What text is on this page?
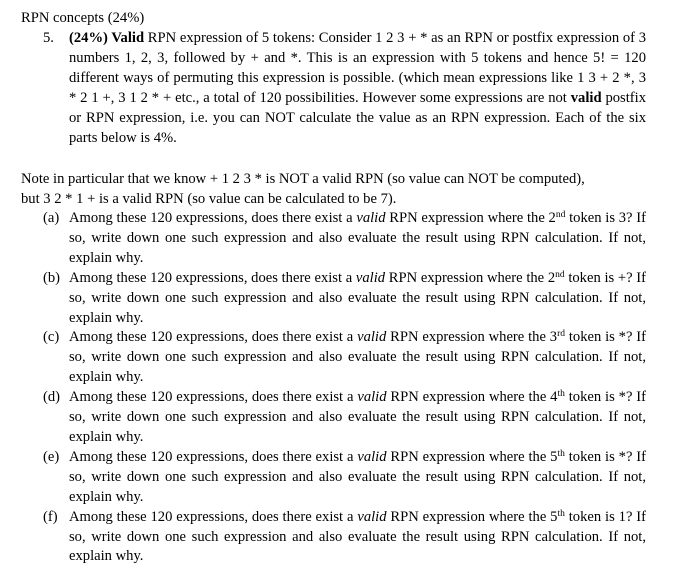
RPN concepts (24%)
5. (24%) Valid RPN expression of 5 tokens: Consider 1 2 3 + * as an RPN or postfix expression of 3 numbers 1, 2, 3, followed by + and *. This is an expression with 5 tokens and hence 5! = 120 different ways of permuting this expression is possible. (which mean expressions like 1 3 + 2 *, 3 * 2 1 +, 3 1 2 * + etc., a total of 120 possibilities. However some expressions are not valid postfix or RPN expression, i.e. you can NOT calculate the value as an RPN expression. Each of the six parts below is 4%.
Note in particular that we know + 1 2 3 * is NOT a valid RPN (so value can NOT be computed),
but 3 2 * 1 + is a valid RPN (so value can be calculated to be 7).
(a) Among these 120 expressions, does there exist a valid RPN expression where the 2nd token is 3? If so, write down one such expression and also evaluate the result using RPN calculation. If not, explain why.
(b) Among these 120 expressions, does there exist a valid RPN expression where the 2nd token is +? If so, write down one such expression and also evaluate the result using RPN calculation. If not, explain why.
(c) Among these 120 expressions, does there exist a valid RPN expression where the 3rd token is *? If so, write down one such expression and also evaluate the result using RPN calculation. If not, explain why.
(d) Among these 120 expressions, does there exist a valid RPN expression where the 4th token is *? If so, write down one such expression and also evaluate the result using RPN calculation. If not, explain why.
(e) Among these 120 expressions, does there exist a valid RPN expression where the 5th token is *? If so, write down one such expression and also evaluate the result using RPN calculation. If not, explain why.
(f) Among these 120 expressions, does there exist a valid RPN expression where the 5th token is 1? If so, write down one such expression and also evaluate the result using RPN calculation. If not, explain why.
